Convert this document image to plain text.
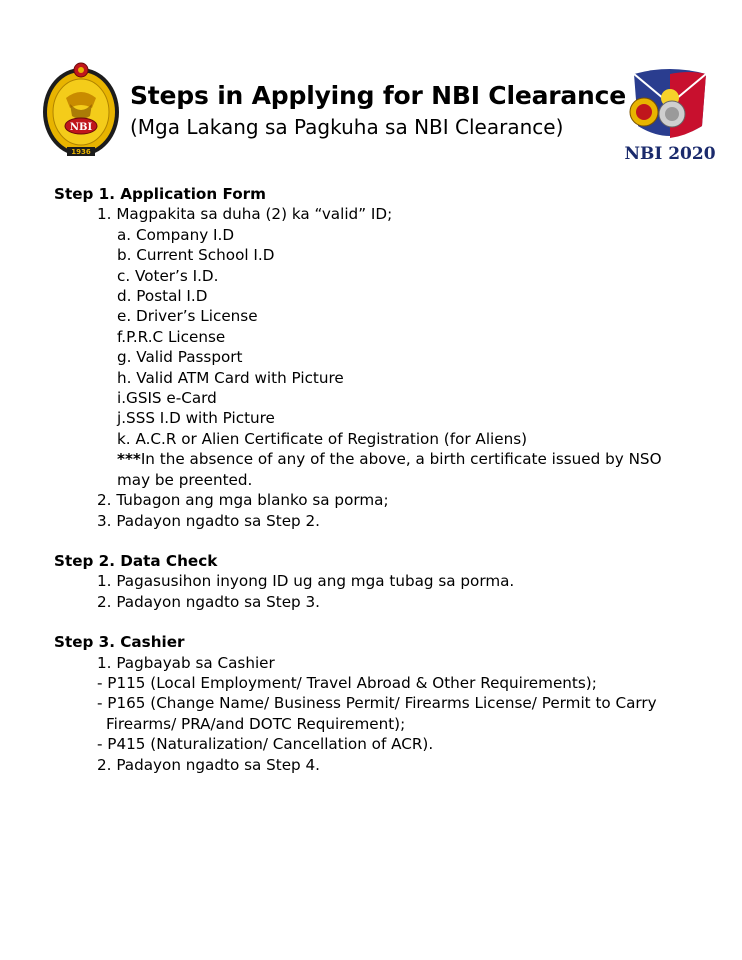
NBI
1936
Steps in Applying for NBI Clearance
(Mga Lakang sa Pagkuha sa NBI Clearance)
NBI 2020
Step 1. Application Form
1. Magpakita sa duha (2) ka “valid” ID;
a. Company I.D
b. Current School I.D
c. Voter’s I.D.
d. Postal I.D
e. Driver’s License
f.P.R.C License
g. Valid Passport
h. Valid ATM Card with Picture
i.GSIS e-Card
j.SSS I.D with Picture
k. A.C.R or Alien Certificate of Registration (for Aliens)
***In the absence of any of the above, a birth certificate issued by NSO
may be preented.
2. Tubagon ang mga blanko sa porma;
3. Padayon ngadto sa Step 2.
Step 2. Data Check
1. Pagasusihon inyong ID ug ang mga tubag sa porma.
2. Padayon ngadto sa Step 3.
Step 3. Cashier
1. Pagbayab sa Cashier
- P115 (Local Employment/ Travel Abroad & Other Requirements);
- P165 (Change Name/ Business Permit/ Firearms License/ Permit to Carry
Firearms/ PRA/and DOTC Requirement);
- P415 (Naturalization/ Cancellation of ACR).
2. Padayon ngadto sa Step 4.
